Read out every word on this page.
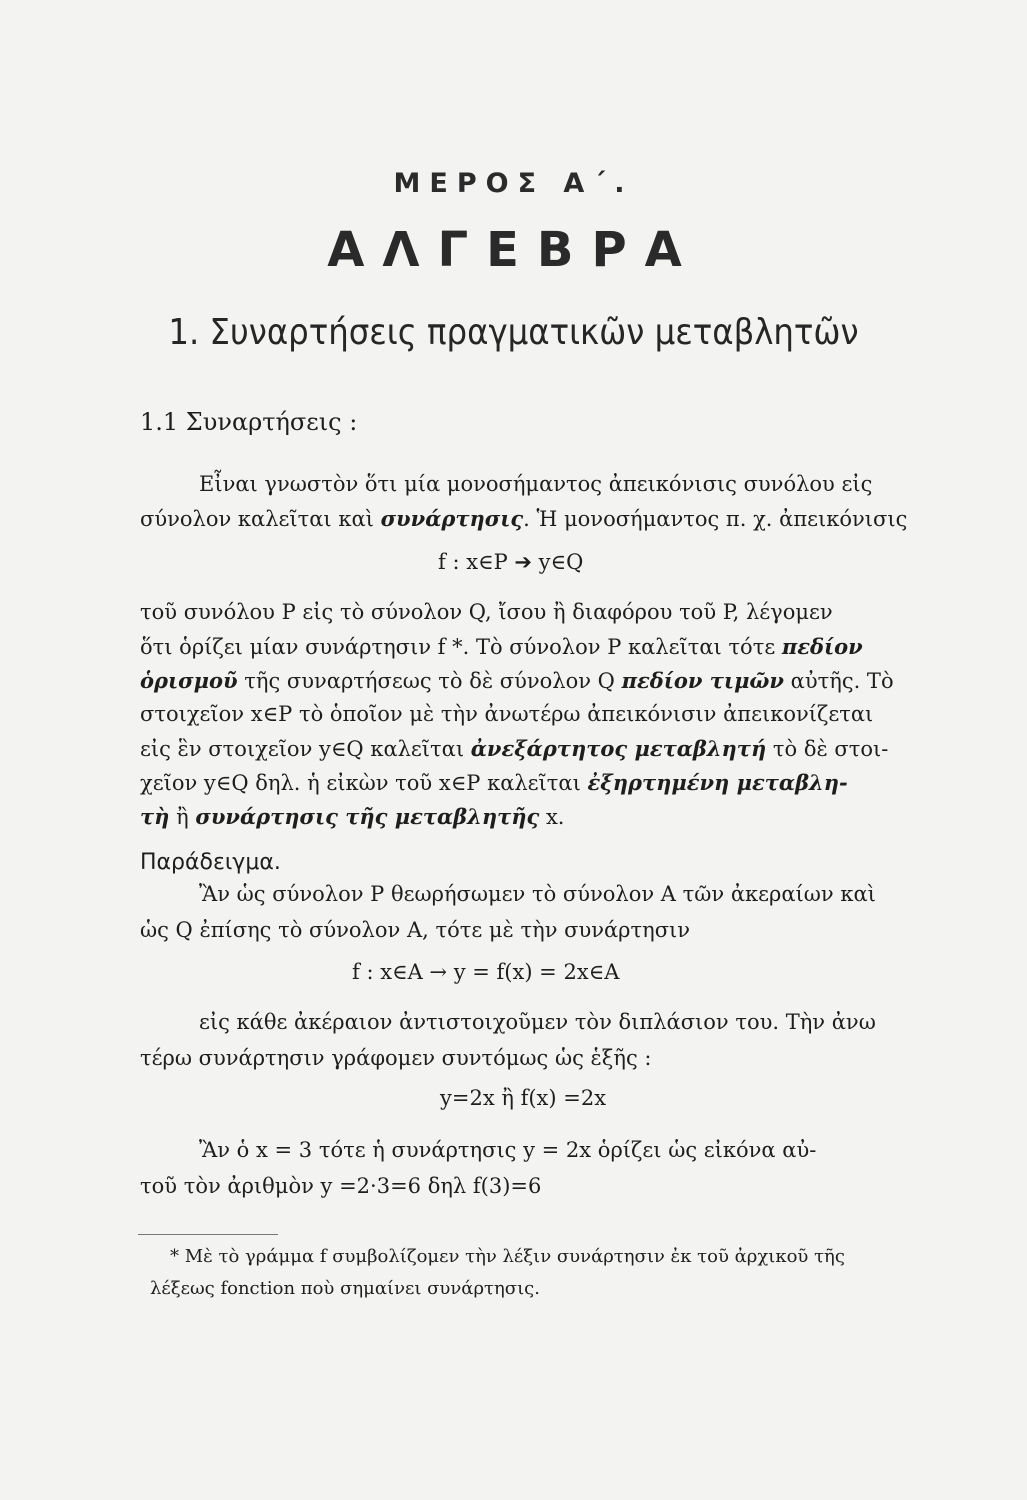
ΜΕΡΟΣ Α΄.
ΑΛΓΕΒΡΑ
1. Συναρτήσεις πραγματικῶν μεταβλητῶν
1.1 Συναρτήσεις :
Εἶναι γνωστὸν ὅτι μία μονοσήμαντος ἀπεικόνισις συνόλου εἰς
σύνολον καλεῖται καὶ συνάρτησις. Ἡ μονοσήμαντος π. χ. ἀπεικόνισις
f : x∈P ➔ y∈Q
τοῦ συνόλου P εἰς τὸ σύνολον Q, ἴσου ἢ διαφόρου τοῦ P, λέγομεν
ὅτι ὁρίζει μίαν συνάρτησιν f *. Τὸ σύνολον P καλεῖται τότε πεδίον
ὁρισμοῦ τῆς συναρτήσεως τὸ δὲ σύνολον Q πεδίον τιμῶν αὐτῆς. Τὸ
στοιχεῖον x∈P τὸ ὁποῖον μὲ τὴν ἀνωτέρω ἀπεικόνισιν ἀπεικονίζεται
εἰς ἓν στοιχεῖον y∈Q καλεῖται ἀνεξάρτητος μεταβλητή τὸ δὲ στοι-
χεῖον y∈Q δηλ. ἡ εἰκὼν τοῦ x∈P καλεῖται ἐξηρτημένη μεταβλη-
τὴ ἢ συνάρτησις τῆς μεταβλητῆς x.
Παράδειγμα.
Ἂν ὡς σύνολον P θεωρήσωμεν τὸ σύνολον A τῶν ἀκεραίων καὶ
ὡς Q ἐπίσης τὸ σύνολον A, τότε μὲ τὴν συνάρτησιν
f : x∈A → y = f(x) = 2x∈A
εἰς κάθε ἀκέραιον ἀντιστοιχοῦμεν τὸν διπλάσιον του. Τὴν ἀνω
τέρω συνάρτησιν γράφομεν συντόμως ὡς ἑξῆς :
y=2x ἢ f(x) =2x
Ἂν ὁ x = 3 τότε ἡ συνάρτησις y = 2x ὁρίζει ὡς εἰκόνα αὐ-
τοῦ τὸν ἀριθμὸν y =2·3=6 δηλ f(3)=6
* Μὲ τὸ γράμμα f συμβολίζομεν τὴν λέξιν συνάρτησιν ἐκ τοῦ ἀρχικοῦ τῆς
λέξεως fonction ποὺ σημαίνει συνάρτησις.
